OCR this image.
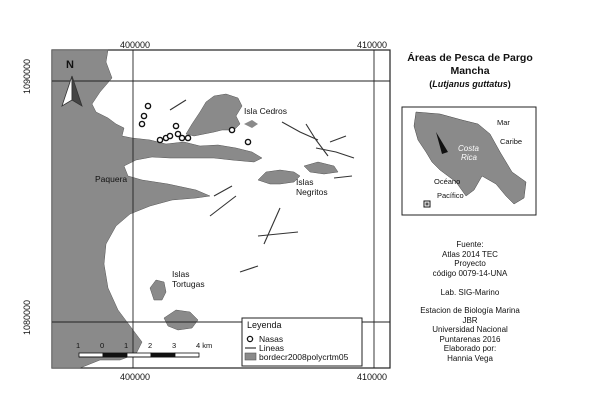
400000	410000
400000	410000
1090000
1080000
N
Isla Cedros
Paquera	Islas
Negritos
Islas
Tortugas
Leyenda
Nasas
Lineas
bordecr2008polycrtm05
1	0	1	2	3	4 km
Áreas de Pesca de Pargo
Mancha
(Lutjanus guttatus)
Mar
Caribe
Costa
Rica
Océano
Pacífico
Fuente:
Atlas 2014 TEC
Proyecto
código 0079-14-UNA
Lab. SIG-Marino
Estacion de Biología Marina
JBR
Universidad Nacional
Puntarenas 2016
Elaborado por:
Hannia Vega
